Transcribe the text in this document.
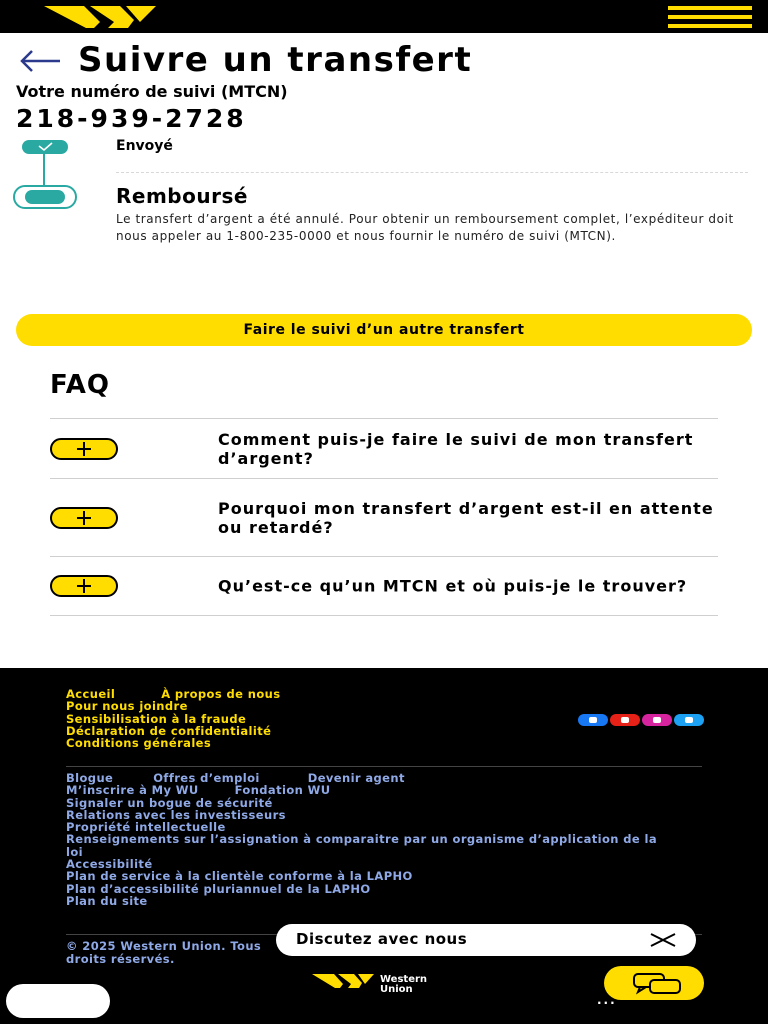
Suivre un transfert
Votre numéro de suivi (MTCN)
218-939-2728
Envoyé
Remboursé

Le transfert d’argent a été annulé. Pour obtenir un remboursement complet, l’expéditeur doit nous appeler au 1-800-235-0000 et nous fournir le numéro de suivi (MTCN).

Faire le suivi d’un autre transfert
FAQ
Comment puis-je faire le suivi de mon transfert d’argent?
Pourquoi mon transfert d’argent est-il en attente ou retardé?
Qu’est-ce qu’un MTCN et où puis-je le trouver?
Accueil	À propos de nous
Pour nous joindre
Sensibilisation à la fraude
Déclaration de confidentialité
Conditions générales
Blogue	Offres d’emploi	Devenir agent
M’inscrire à My WU	Fondation WU
Signaler un bogue de sécurité
Relations avec les investisseurs
Propriété intellectuelle
Renseignements sur l’assignation à comparaitre par un organisme d’application de la loi
Accessibilité
Plan de service à la clientèle conforme à la LAPHO
Plan d’accessibilité pluriannuel de la LAPHO
Plan du site
© 2025 Western Union. Tous droits réservés.
Western
Union
Discutez avec nous
...
